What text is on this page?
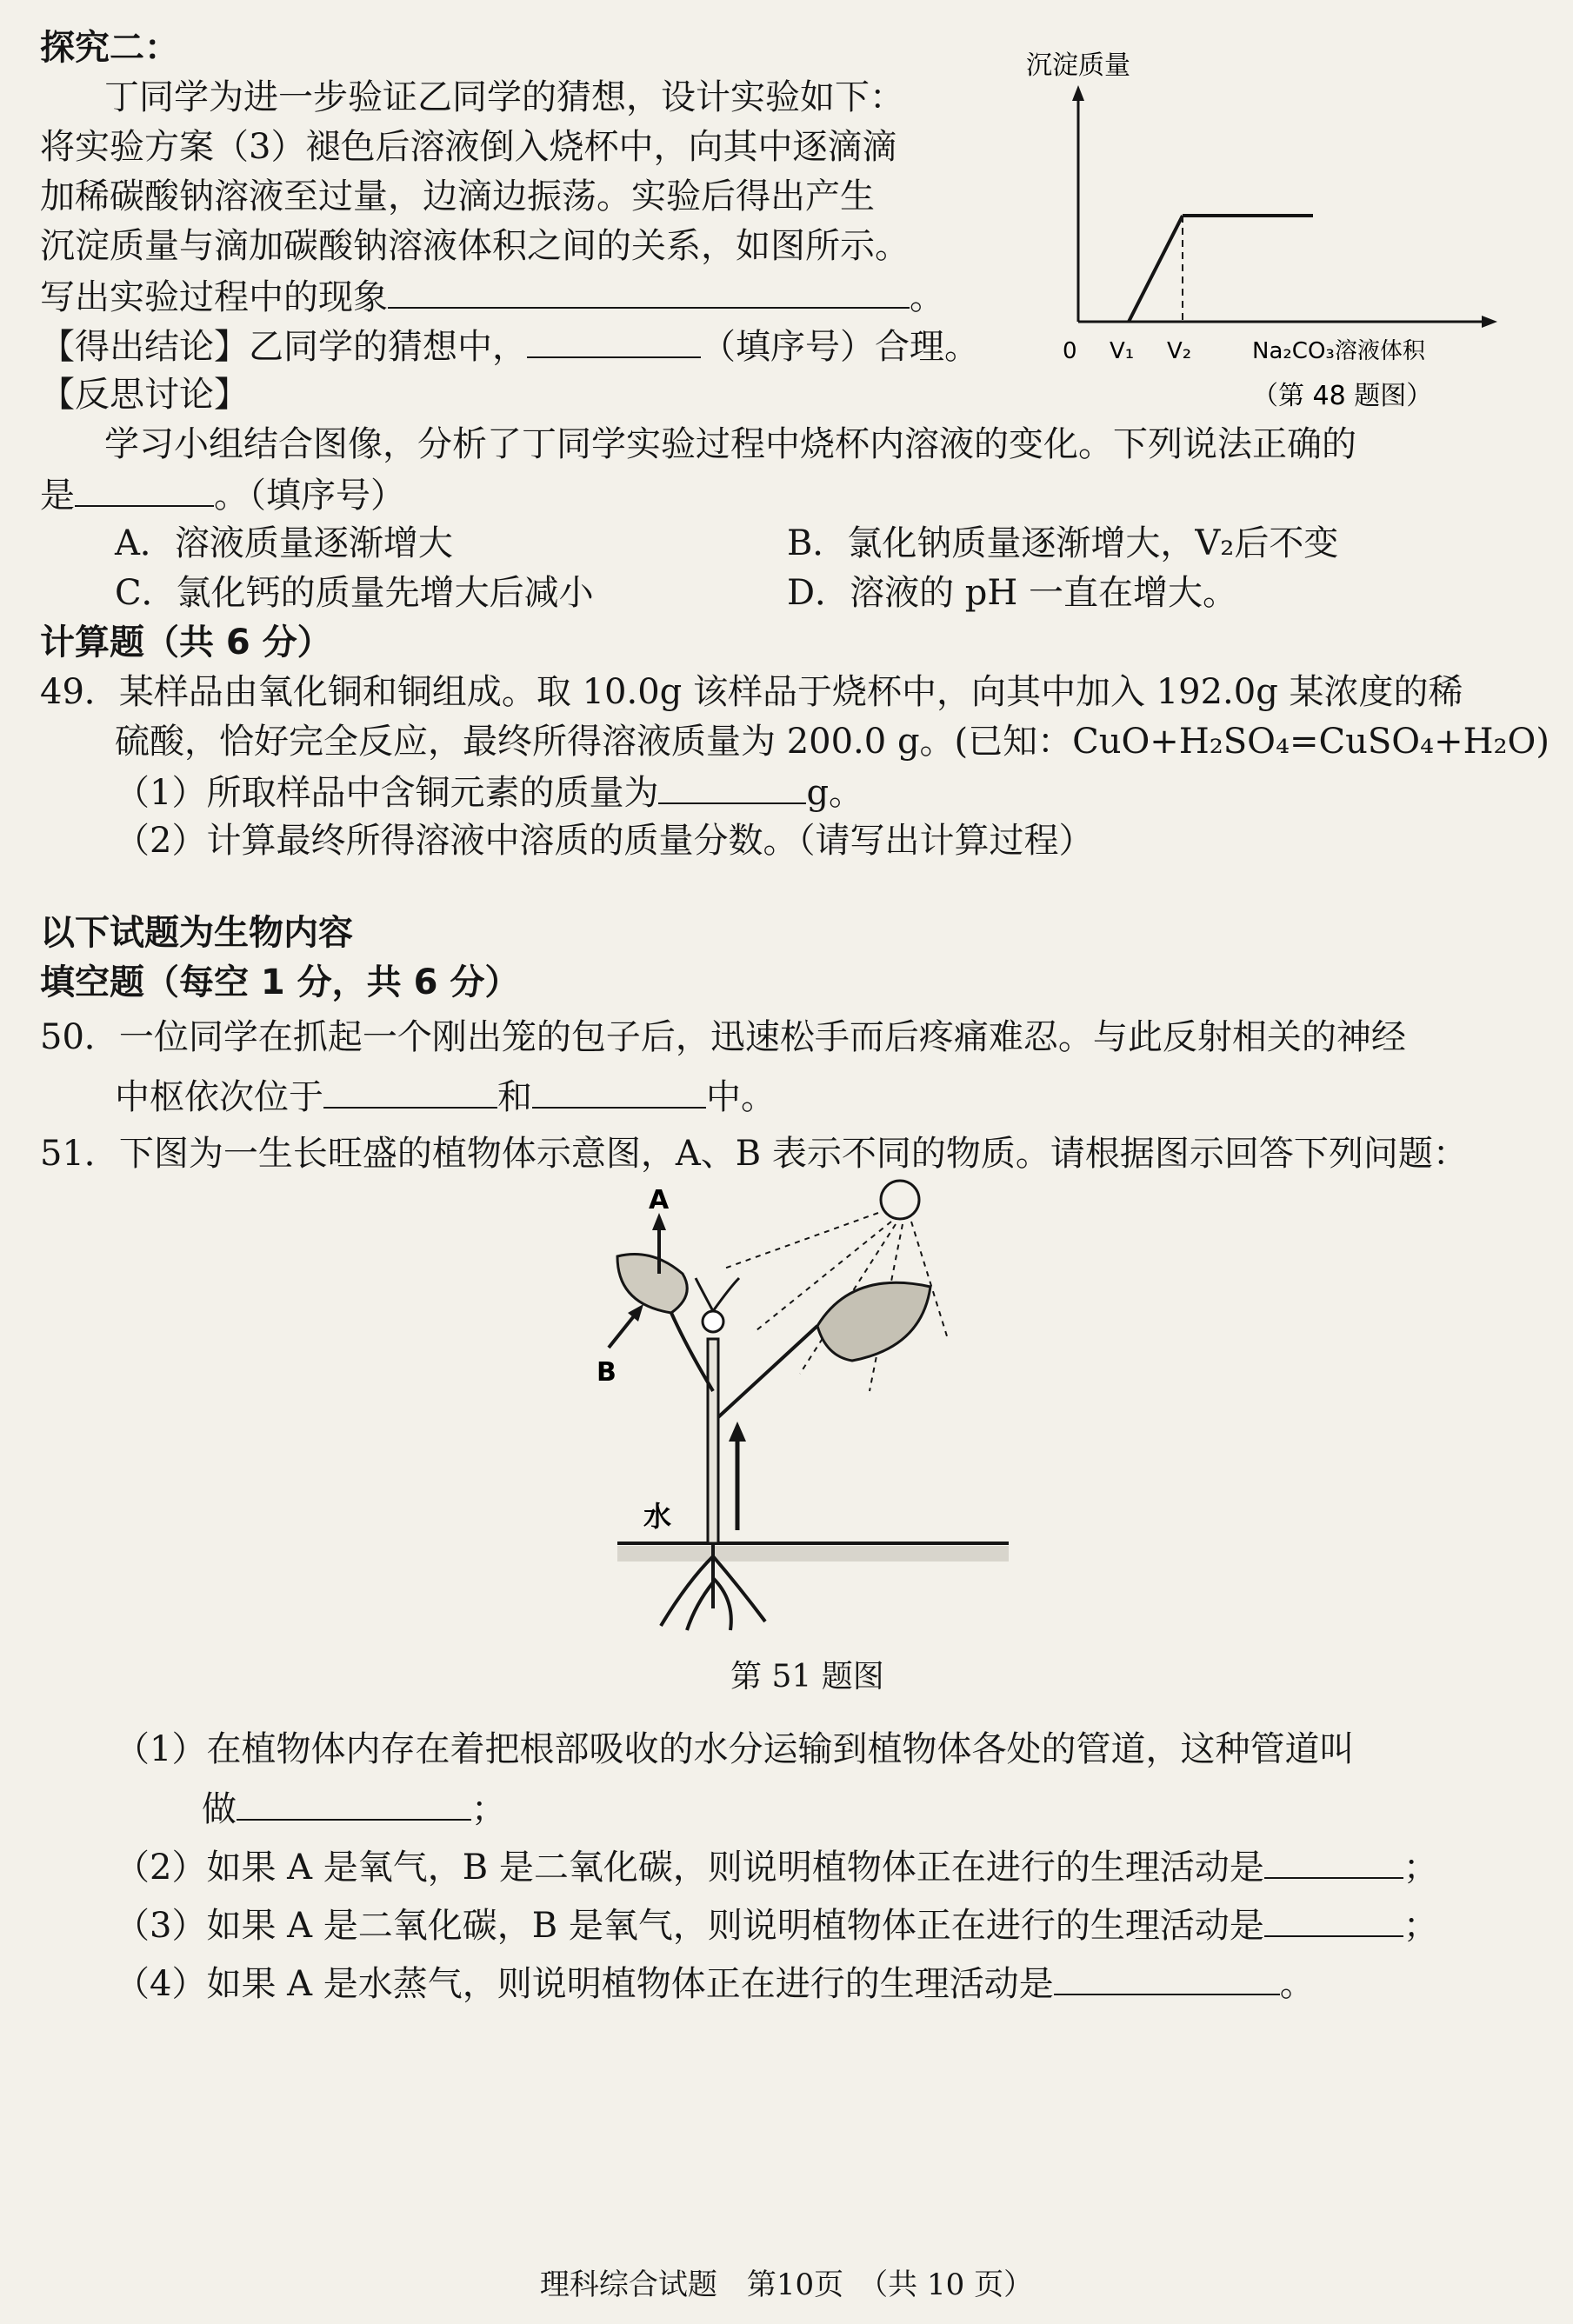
探究二：
丁同学为进一步验证乙同学的猜想，设计实验如下：
将实验方案（3）褪色后溶液倒入烧杯中，向其中逐滴滴
加稀碳酸钠溶液至过量，边滴边振荡。实验后得出产生
沉淀质量与滴加碳酸钠溶液体积之间的关系，如图所示。
写出实验过程中的现象	。
【得出结论】乙同学的猜想中，	（填序号）合理。
【反思讨论】
学习小组结合图像，分析了丁同学实验过程中烧杯内溶液的变化。下列说法正确的
是	。（填序号）
A．溶液质量逐渐增大	B．氯化钠质量逐渐增大，V₂后不变
C．氯化钙的质量先增大后减小	D．溶液的 pH 一直在增大。
沉淀质量
0 V₁ V₂	Na₂CO₃溶液体积
（第 48 题图）
计算题（共 6 分）
49．某样品由氧化铜和铜组成。取 10.0g 该样品于烧杯中，向其中加入 192.0g 某浓度的稀
硫酸，恰好完全反应，最终所得溶液质量为 200.0 g。(已知：CuO+H₂SO₄=CuSO₄+H₂O)
（1）所取样品中含铜元素的质量为	g。
（2）计算最终所得溶液中溶质的质量分数。（请写出计算过程）
以下试题为生物内容
填空题（每空 1 分，共 6 分）
50．一位同学在抓起一个刚出笼的包子后，迅速松手而后疼痛难忍。与此反射相关的神经
中枢依次位于	和	中。
51．下图为一生长旺盛的植物体示意图，A、B 表示不同的物质。请根据图示回答下列问题：
A
B
水
第 51 题图
（1）在植物体内存在着把根部吸收的水分运输到植物体各处的管道，这种管道叫
做	；
（2）如果 A 是氧气，B 是二氧化碳，则说明植物体正在进行的生理活动是	；
（3）如果 A 是二氧化碳，B 是氧气，则说明植物体正在进行的生理活动是	；
（4）如果 A 是水蒸气，则说明植物体正在进行的生理活动是	。
理科综合试题　第10页　（共 10 页）
